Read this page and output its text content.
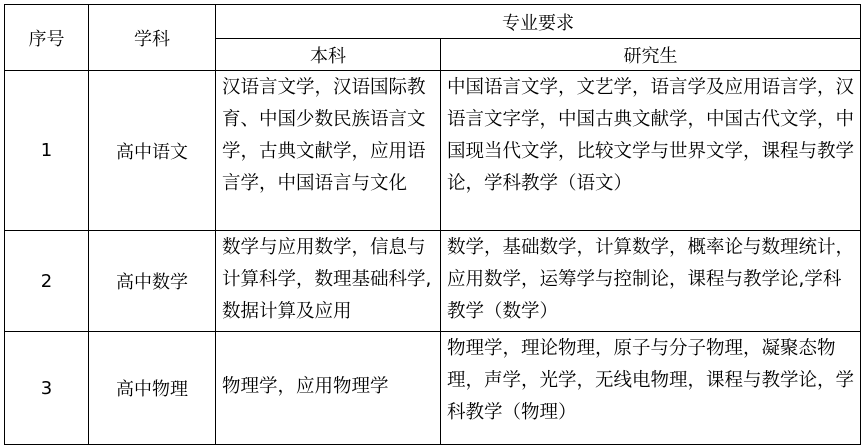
序号	学科	专业要求	
		本科	研究生
1	高中语文	汉语言文学，汉语国际教育、中国少数民族语言文学，古典文献学，应用语言学，中国语言与文化	中国语言文学，文艺学，语言学及应用语言学，汉语言文字学，中国古典文献学，中国古代文学，中国现当代文学，比较文学与世界文学，课程与教学论，学科教学（语文）
2	高中数学	数学与应用数学，信息与计算科学，数理基础科学,数据计算及应用	数学，基础数学，计算数学，概率论与数理统计，应用数学，运筹学与控制论，课程与教学论,学科教学（数学）
3	高中物理	物理学，应用物理学	物理学，理论物理，原子与分子物理，凝聚态物理，声学，光学，无线电物理，课程与教学论，学科教学（物理）
